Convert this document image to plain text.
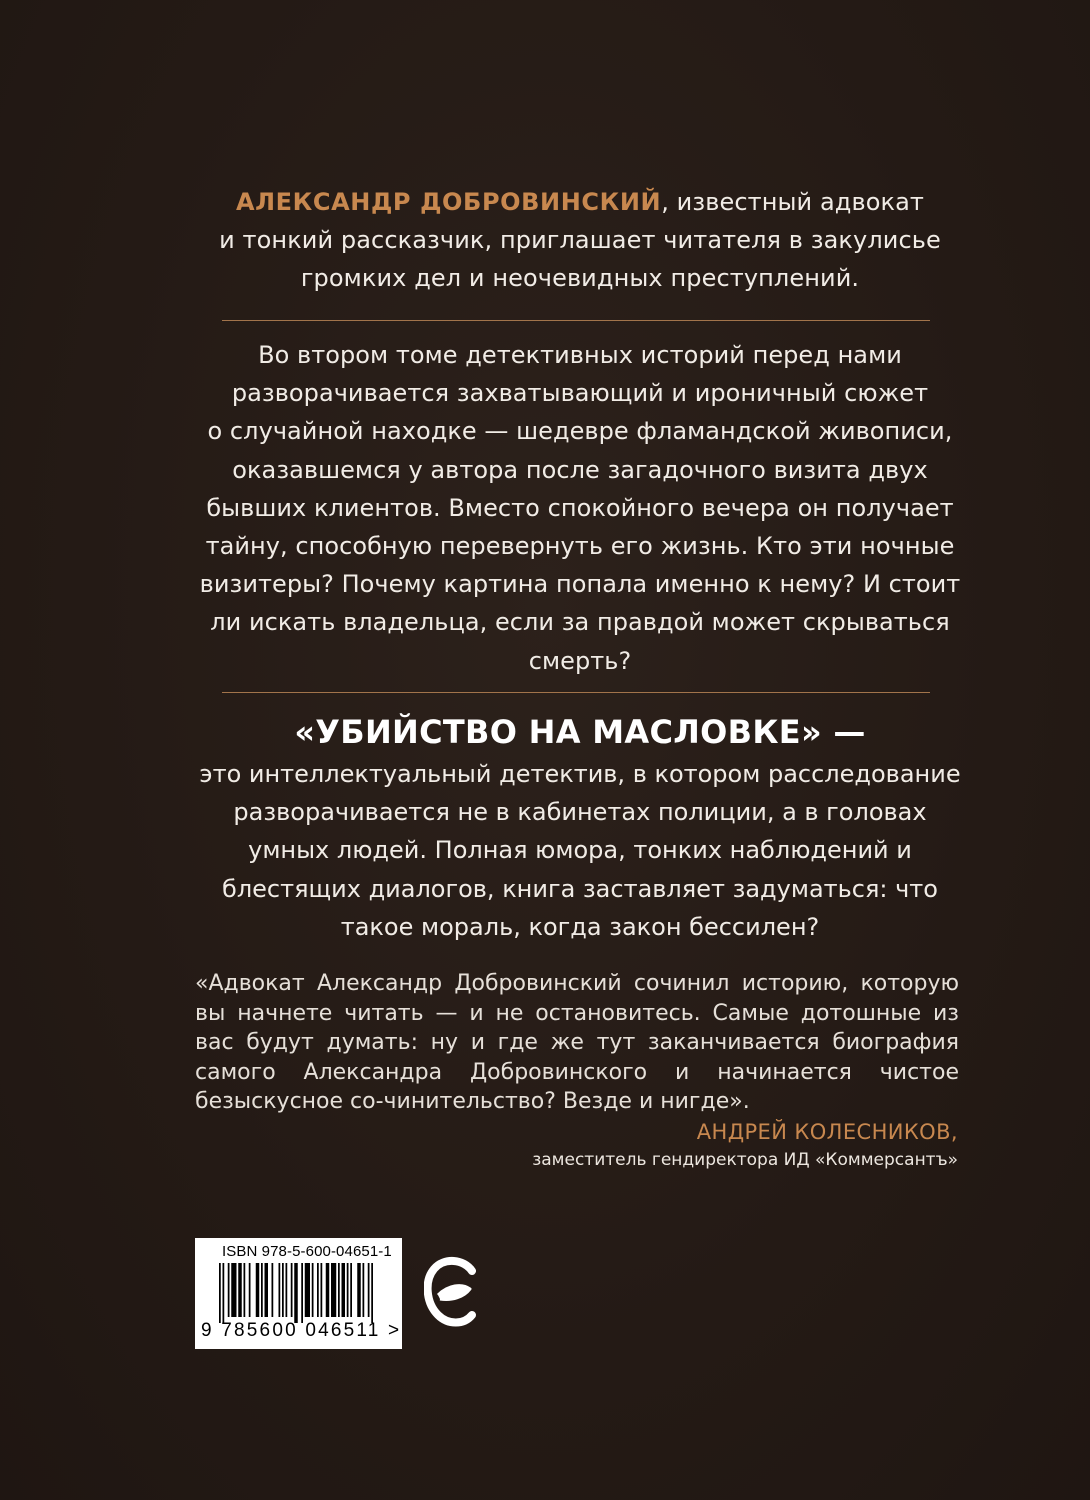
АЛЕКСАНДР ДОБРОВИНСКИЙ, известный адвокат
и тонкий рассказчик, приглашает читателя в закулисье
громких дел и неочевидных преступлений.
Во втором томе детективных историй перед нами
разворачивается захватывающий и ироничный сюжет
о случайной находке — шедевре фламандской живописи,
оказавшемся у автора после загадочного визита двух
бывших клиентов. Вместо спокойного вечера он получает
тайну, способную перевернуть его жизнь. Кто эти ночные
визитеры? Почему картина попала именно к нему? И стоит
ли искать владельца, если за правдой может скрываться
смерть?
«УБИЙСТВО НА МАСЛОВКЕ» —
это интеллектуальный детектив, в котором расследование
разворачивается не в кабинетах полиции, а в головах
умных людей. Полная юмора, тонких наблюдений и
блестящих диалогов, книга заставляет задуматься: что
такое мораль, когда закон бессилен?
«Адвокат Александр Добровинский сочинил историю, которую вы начнете читать — и не остановитесь. Самые дотошные из вас будут думать: ну и где же тут заканчивается биография самого Александра Добровинского и начинается чистое безыскусное со-чинительство? Везде и нигде».
АНДРЕЙ КОЛЕСНИКОВ,
заместитель гендиректора ИД «Коммерсантъ»
ISBN 978-5-600-04651-1
9 785600 046511 >
